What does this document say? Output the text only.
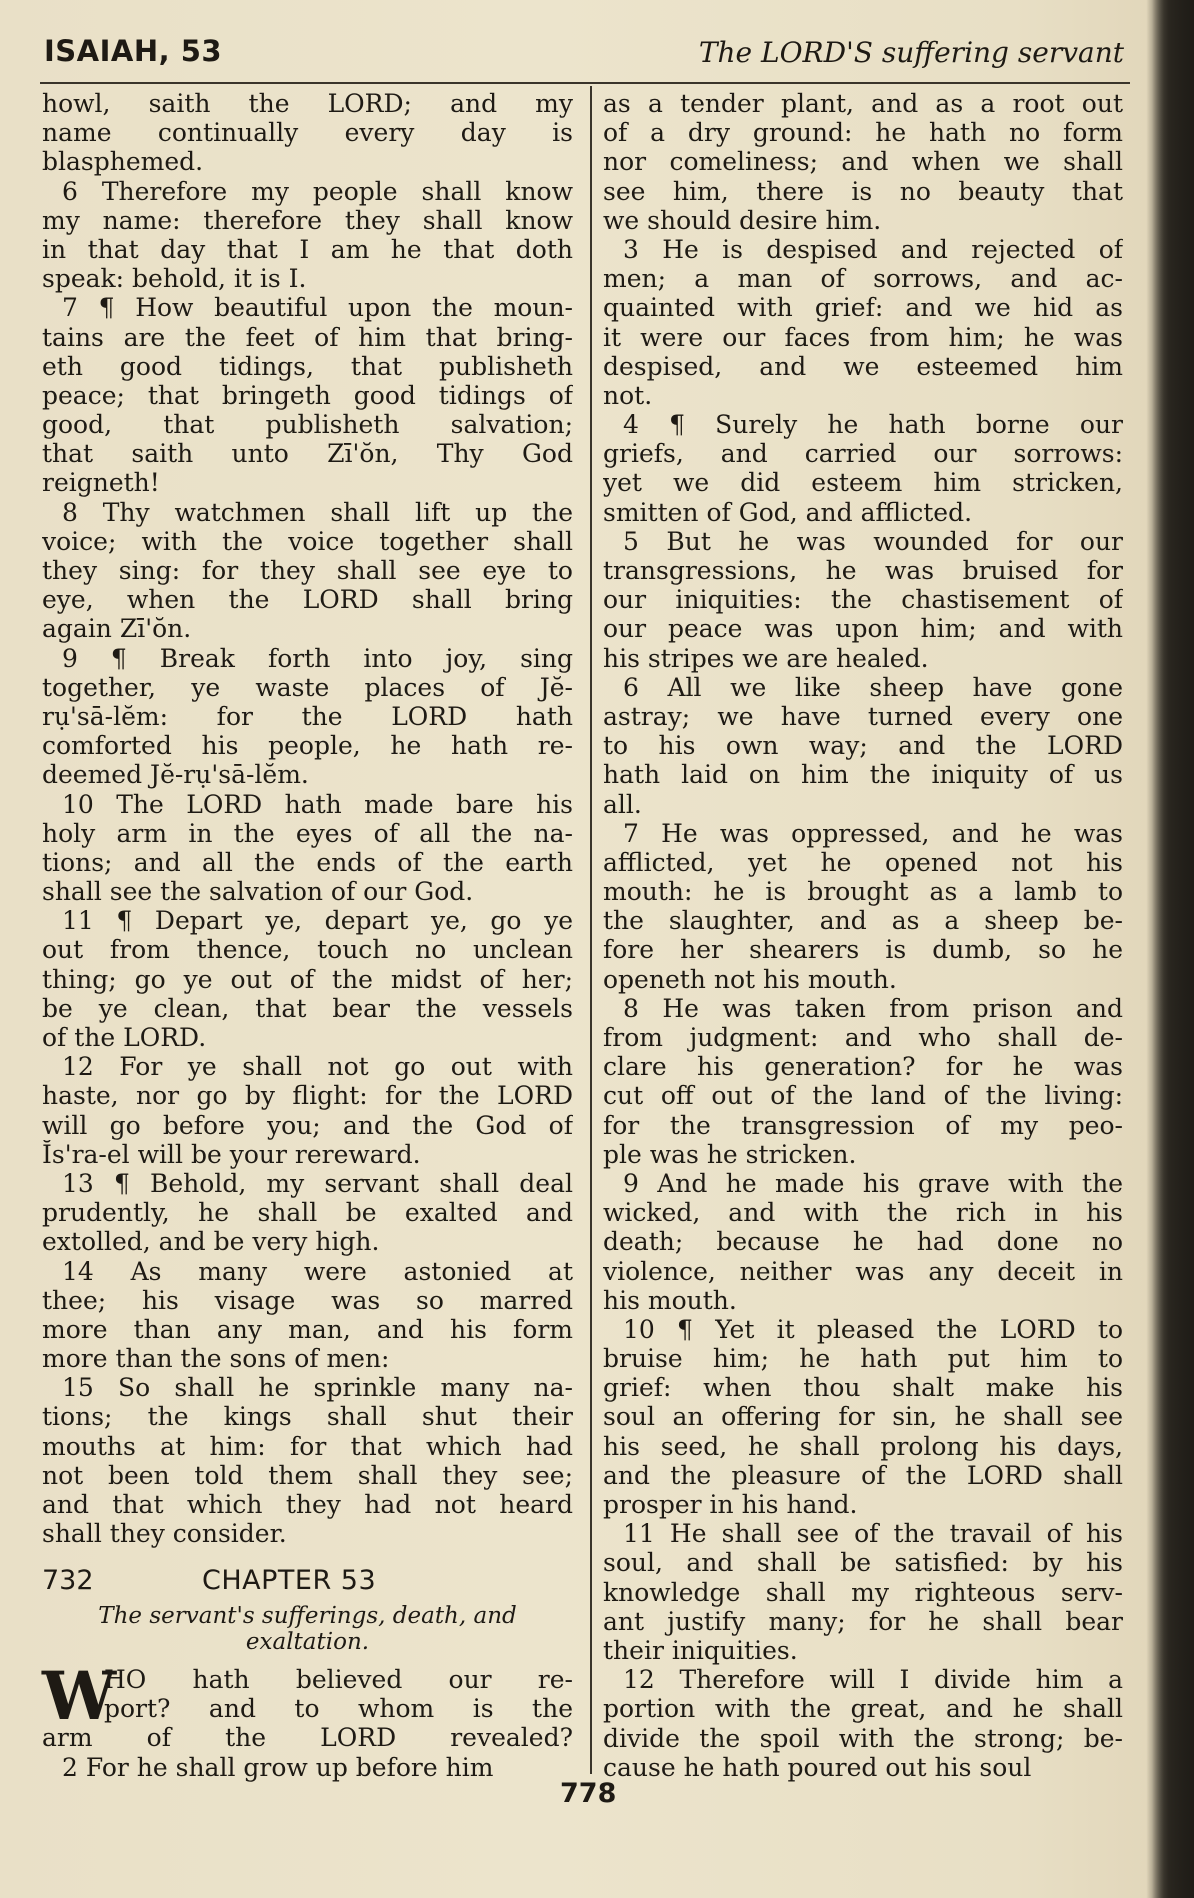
ISAIAH, 53	The LORD'S suffering servant
howl, saith the LORD; and my
name continually every day is
blasphemed.
6 Therefore my people shall know
my name: therefore they shall know
in that day that I am he that doth
speak: behold, it is I.
7 ¶ How beautiful upon the moun-
tains are the feet of him that bring-
eth good tidings, that publisheth
peace; that bringeth good tidings of
good, that publisheth salvation;
that saith unto Zī'ŏn, Thy God
reigneth!
8 Thy watchmen shall lift up the
voice; with the voice together shall
they sing: for they shall see eye to
eye, when the LORD shall bring
again Zī'ŏn.
9 ¶ Break forth into joy, sing
together, ye waste places of Jĕ-
rụ'sā-lĕm: for the LORD hath
comforted his people, he hath re-
deemed Jĕ-rụ'sā-lĕm.
10 The LORD hath made bare his
holy arm in the eyes of all the na-
tions; and all the ends of the earth
shall see the salvation of our God.
11 ¶ Depart ye, depart ye, go ye
out from thence, touch no unclean
thing; go ye out of the midst of her;
be ye clean, that bear the vessels
of the LORD.
12 For ye shall not go out with
haste, nor go by flight: for the LORD
will go before you; and the God of
Ĭs'ra-el will be your rereward.
13 ¶ Behold, my servant shall deal
prudently, he shall be exalted and
extolled, and be very high.
14 As many were astonied at
thee; his visage was so marred
more than any man, and his form
more than the sons of men:
15 So shall he sprinkle many na-
tions; the kings shall shut their
mouths at him: for that which had
not been told them shall they see;
and that which they had not heard
shall they consider.
732	CHAPTER 53
The servant's sufferings, death, and
exaltation.
W
HO hath believed our re-
port? and to whom is the
arm of the LORD revealed?
2 For he shall grow up before him
as a tender plant, and as a root out
of a dry ground: he hath no form
nor comeliness; and when we shall
see him, there is no beauty that
we should desire him.
3 He is despised and rejected of
men; a man of sorrows, and ac-
quainted with grief: and we hid as
it were our faces from him; he was
despised, and we esteemed him
not.
4 ¶ Surely he hath borne our
griefs, and carried our sorrows:
yet we did esteem him stricken,
smitten of God, and afflicted.
5 But he was wounded for our
transgressions, he was bruised for
our iniquities: the chastisement of
our peace was upon him; and with
his stripes we are healed.
6 All we like sheep have gone
astray; we have turned every one
to his own way; and the LORD
hath laid on him the iniquity of us
all.
7 He was oppressed, and he was
afflicted, yet he opened not his
mouth: he is brought as a lamb to
the slaughter, and as a sheep be-
fore her shearers is dumb, so he
openeth not his mouth.
8 He was taken from prison and
from judgment: and who shall de-
clare his generation? for he was
cut off out of the land of the living:
for the transgression of my peo-
ple was he stricken.
9 And he made his grave with the
wicked, and with the rich in his
death; because he had done no
violence, neither was any deceit in
his mouth.
10 ¶ Yet it pleased the LORD to
bruise him; he hath put him to
grief: when thou shalt make his
soul an offering for sin, he shall see
his seed, he shall prolong his days,
and the pleasure of the LORD shall
prosper in his hand.
11 He shall see of the travail of his
soul, and shall be satisfied: by his
knowledge shall my righteous serv-
ant justify many; for he shall bear
their iniquities.
12 Therefore will I divide him a
portion with the great, and he shall
divide the spoil with the strong; be-
cause he hath poured out his soul
778
